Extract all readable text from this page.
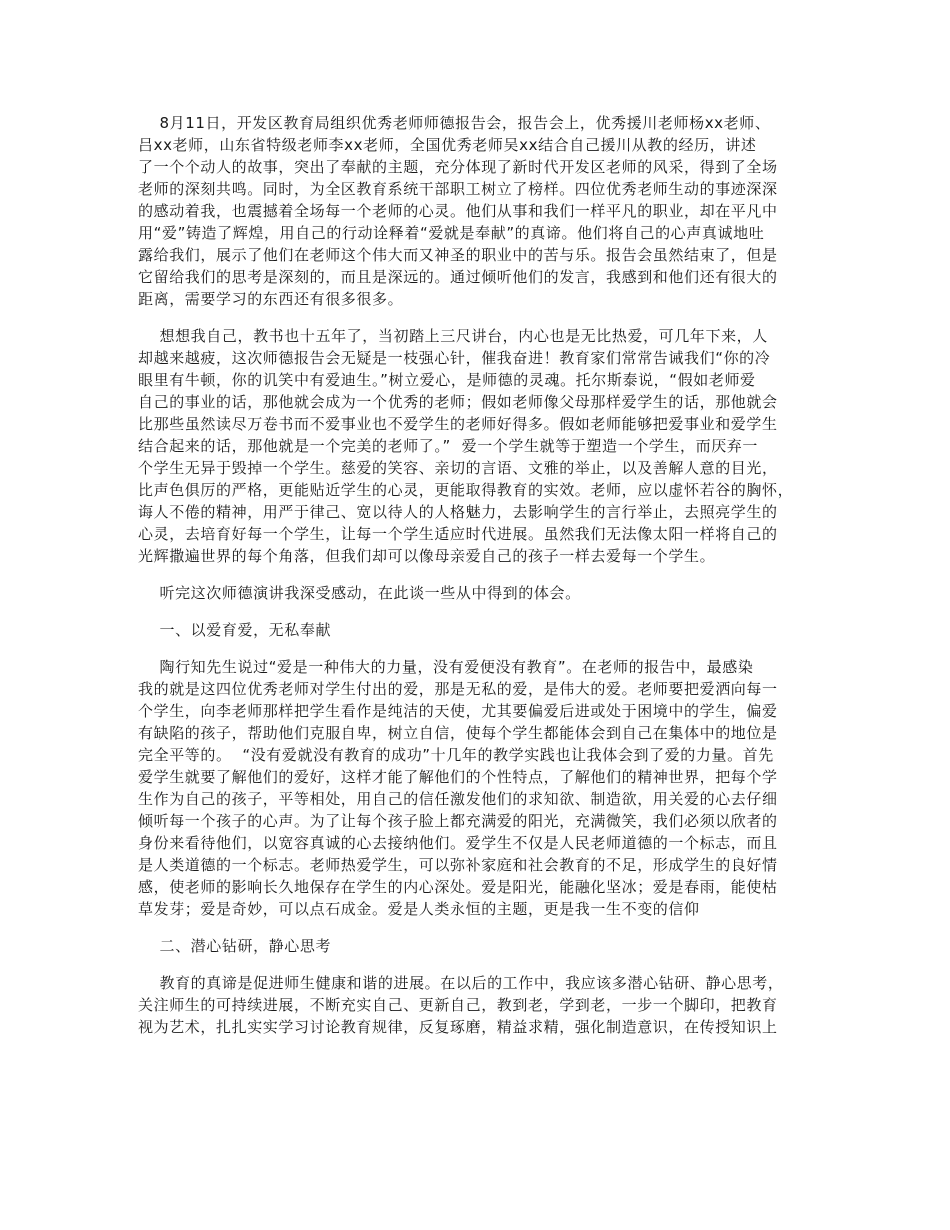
8月11日，开发区教育局组织优秀老师师德报告会，报告会上，优秀援川老师杨xx老师、
吕xx老师，山东省特级老师李xx老师，全国优秀老师吴xx结合自己援川从教的经历，讲述
了一个个动人的故事，突出了奉献的主题，充分体现了新时代开发区老师的风采，得到了全场
老师的深刻共鸣。同时，为全区教育系统干部职工树立了榜样。四位优秀老师生动的事迹深深
的感动着我，也震撼着全场每一个老师的心灵。他们从事和我们一样平凡的职业，却在平凡中
用“爱”铸造了辉煌，用自己的行动诠释着“爱就是奉献”的真谛。他们将自己的心声真诚地吐
露给我们，展示了他们在老师这个伟大而又神圣的职业中的苦与乐。报告会虽然结束了，但是
它留给我们的思考是深刻的，而且是深远的。通过倾听他们的发言，我感到和他们还有很大的
距离，需要学习的东西还有很多很多。
想想我自己，教书也十五年了，当初踏上三尺讲台，内心也是无比热爱，可几年下来，人
却越来越疲，这次师德报告会无疑是一枝强心针，催我奋进！教育家们常常告诫我们“你的冷
眼里有牛顿，你的讥笑中有爱迪生。”树立爱心，是师德的灵魂。托尔斯泰说，“假如老师爱
自己的事业的话，那他就会成为一个优秀的老师；假如老师像父母那样爱学生的话，那他就会
比那些虽然读尽万卷书而不爱事业也不爱学生的老师好得多。假如老师能够把爱事业和爱学生
结合起来的话，那他就是一个完美的老师了。”  爱一个学生就等于塑造一个学生，而厌弃一
个学生无异于毁掉一个学生。慈爱的笑容、亲切的言语、文雅的举止，以及善解人意的目光，
比声色俱厉的严格，更能贴近学生的心灵，更能取得教育的实效。老师，应以虚怀若谷的胸怀，
诲人不倦的精神，用严于律己、宽以待人的人格魅力，去影响学生的言行举止，去照亮学生的
心灵，去培育好每一个学生，让每一个学生适应时代进展。虽然我们无法像太阳一样将自己的
光辉撒遍世界的每个角落，但我们却可以像母亲爱自己的孩子一样去爱每一个学生。
听完这次师德演讲我深受感动，在此谈一些从中得到的体会。
一、以爱育爱，无私奉献
陶行知先生说过“爱是一种伟大的力量，没有爱便没有教育”。在老师的报告中，最感染
我的就是这四位优秀老师对学生付出的爱，那是无私的爱，是伟大的爱。老师要把爱洒向每一
个学生，向李老师那样把学生看作是纯洁的天使，尤其要偏爱后进或处于困境中的学生，偏爱
有缺陷的孩子，帮助他们克服自卑，树立自信，使每个学生都能体会到自己在集体中的地位是
完全平等的。  “没有爱就没有教育的成功”十几年的教学实践也让我体会到了爱的力量。首先
爱学生就要了解他们的爱好，这样才能了解他们的个性特点，了解他们的精神世界，把每个学
生作为自己的孩子，平等相处，用自己的信任激发他们的求知欲、制造欲，用关爱的心去仔细
倾听每一个孩子的心声。为了让每个孩子脸上都充满爱的阳光，充满微笑，我们必须以欣者的
身份来看待他们，以宽容真诚的心去接纳他们。爱学生不仅是人民老师道德的一个标志，而且
是人类道德的一个标志。老师热爱学生，可以弥补家庭和社会教育的不足，形成学生的良好情
感，使老师的影响长久地保存在学生的内心深处。爱是阳光，能融化坚冰；爱是春雨，能使枯
草发芽；爱是奇妙，可以点石成金。爱是人类永恒的主题，更是我一生不变的信仰
二、潜心钻研，静心思考
教育的真谛是促进师生健康和谐的进展。在以后的工作中，我应该多潜心钻研、静心思考，
关注师生的可持续进展，不断充实自己、更新自己，教到老，学到老，一步一个脚印，把教育
视为艺术，扎扎实实学习讨论教育规律，反复琢磨，精益求精，强化制造意识，在传授知识上
